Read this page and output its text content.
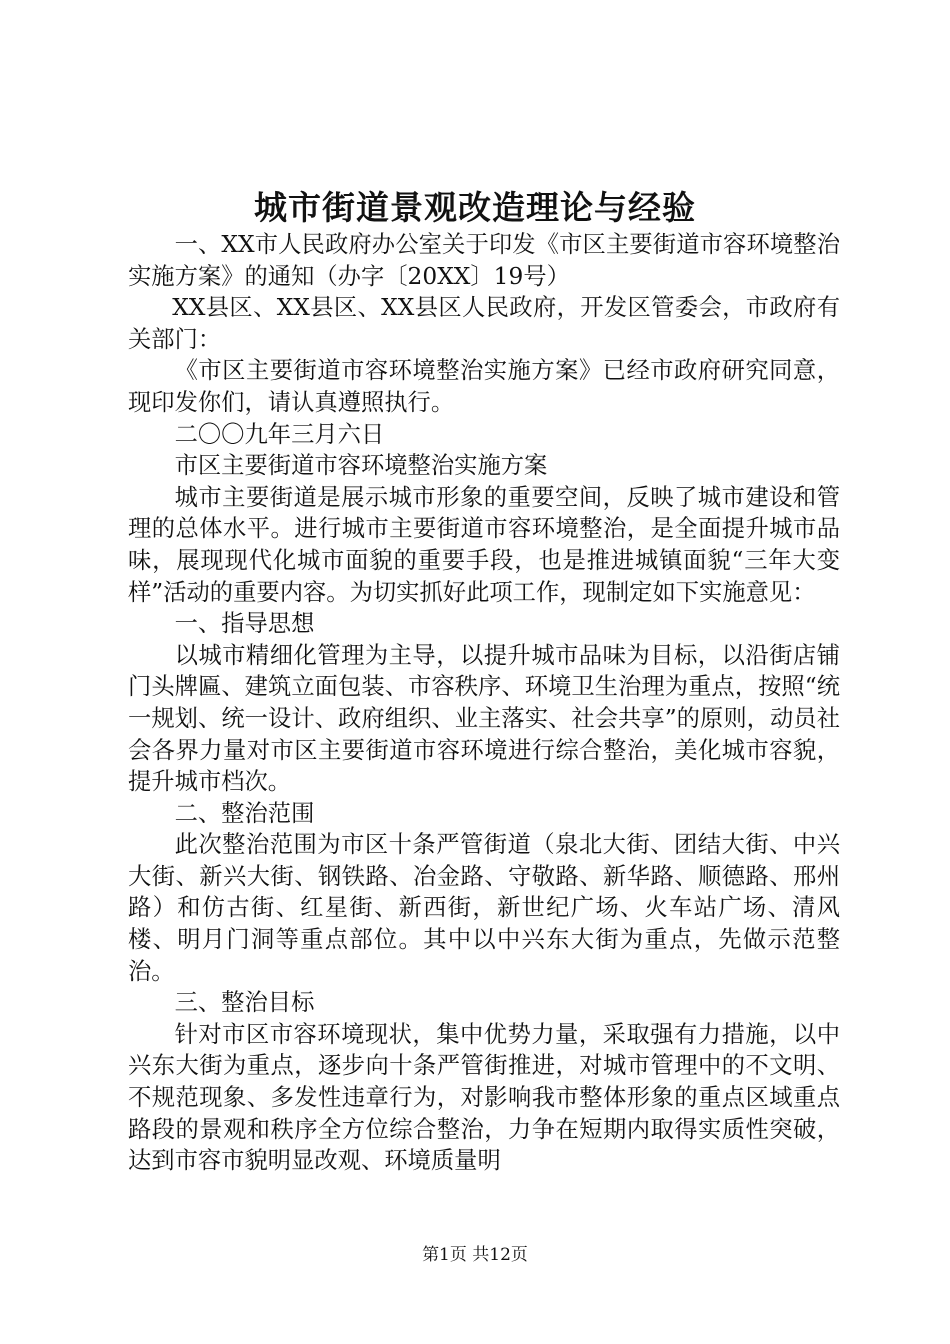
城市街道景观改造理论与经验

一、XX市人民政府办公室关于印发《市区主要街道市容环境整治实施方案》的通知（办字〔20XX〕19号）

XX县区、XX县区、XX县区人民政府，开发区管委会，市政府有关部门：

《市区主要街道市容环境整治实施方案》已经市政府研究同意，现印发你们，请认真遵照执行。

二〇〇九年三月六日

市区主要街道市容环境整治实施方案

城市主要街道是展示城市形象的重要空间，反映了城市建设和管理的总体水平。进行城市主要街道市容环境整治，是全面提升城市品味，展现现代化城市面貌的重要手段，也是推进城镇面貌“三年大变样”活动的重要内容。为切实抓好此项工作，现制定如下实施意见：

一、指导思想

以城市精细化管理为主导，以提升城市品味为目标，以沿街店铺门头牌匾、建筑立面包装、市容秩序、环境卫生治理为重点，按照“统一规划、统一设计、政府组织、业主落实、社会共享”的原则，动员社会各界力量对市区主要街道市容环境进行综合整治，美化城市容貌，提升城市档次。

二、整治范围

此次整治范围为市区十条严管街道（泉北大街、团结大街、中兴大街、新兴大街、钢铁路、冶金路、守敬路、新华路、顺德路、邢州路）和仿古街、红星街、新西街，新世纪广场、火车站广场、清风楼、明月门洞等重点部位。其中以中兴东大街为重点，先做示范整治。

三、整治目标

针对市区市容环境现状，集中优势力量，采取强有力措施，以中兴东大街为重点，逐步向十条严管街推进，对城市管理中的不文明、不规范现象、多发性违章行为，对影响我市整体形象的重点区域重点路段的景观和秩序全方位综合整治，力争在短期内取得实质性突破，达到市容市貌明显改观、环境质量明

第1页 共12页
